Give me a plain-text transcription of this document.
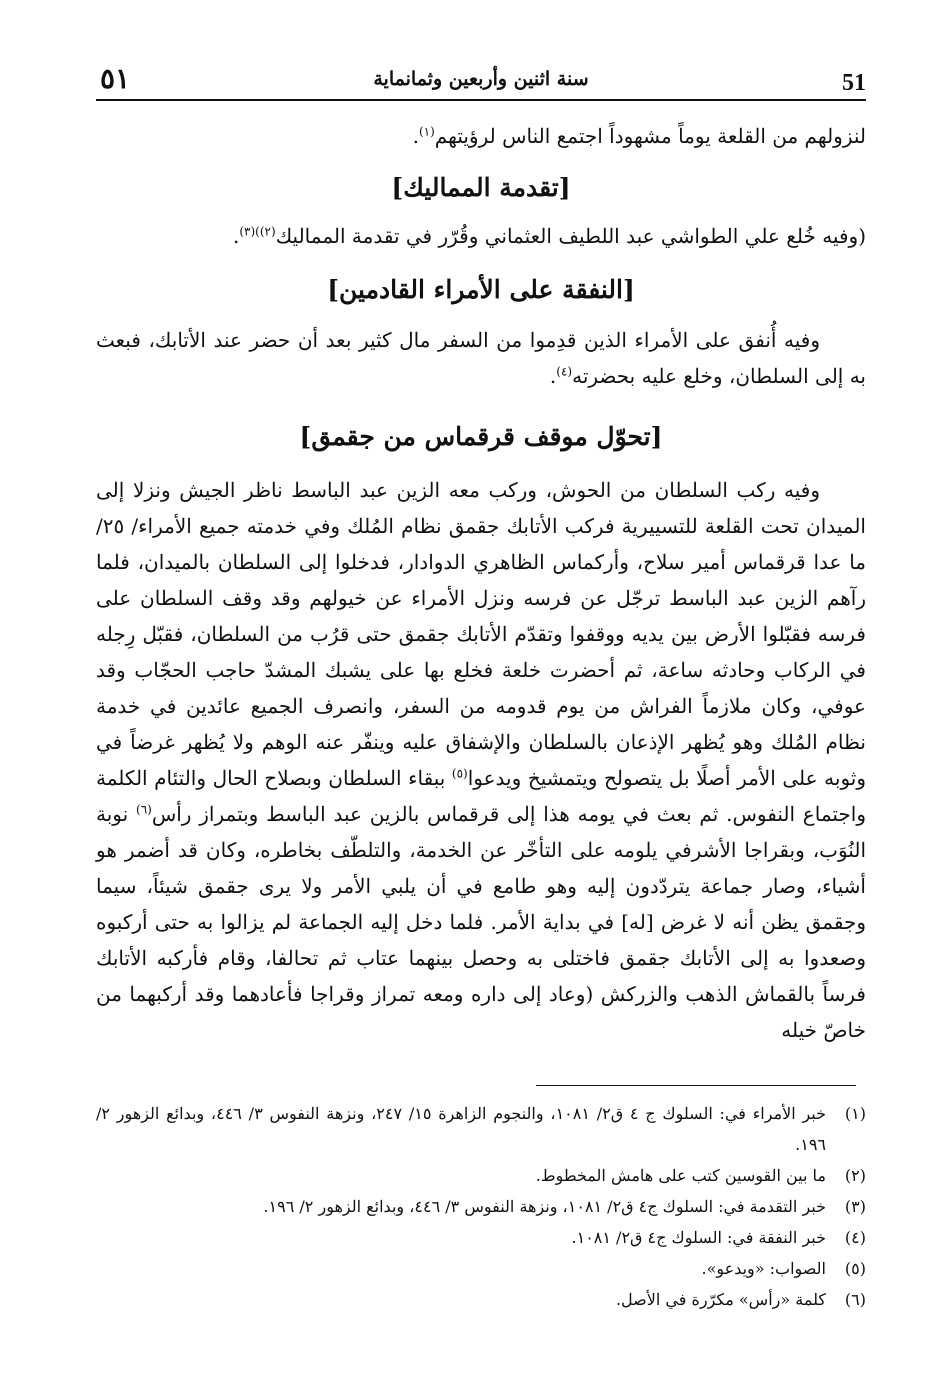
٥١	سنة اثنين وأربعين وثمانماية	51

لنزولهم من القلعة يوماً مشهوداً اجتمع الناس لرؤيتهم$^{(١)}$.

[تقدمة المماليك]

(وفيه خُلع علي الطواشي عبد اللطيف العثماني وقُرّر في تقدمة المماليك$^{(٢))(٣)}$.

[النفقة على الأمراء القادمين]

وفيه أُنفق على الأمراء الذين قدِموا من السفر مال كثير بعد أن حضر عند الأتابك، فبعث به إلى السلطان، وخلع عليه بحضرته$^{(٤)}$.

[تحوّل موقف قرقماس من جقمق]

وفيه ركب السلطان من الحوش، وركب معه الزين عبد الباسط ناظر الجيش ونزلا إلى الميدان تحت القلعة للتسييرية فركب الأتابك جقمق نظام المُلك وفي خدمته جميع الأمراء/ ٢٥/ ما عدا قرقماس أمير سلاح، وأركماس الظاهري الدوادار، فدخلوا إلى السلطان بالميدان، فلما رآهم الزين عبد الباسط ترجّل عن فرسه ونزل الأمراء عن خيولهم وقد وقف السلطان على فرسه فقبّلوا الأرض بين يديه ووقفوا وتقدّم الأتابك جقمق حتى قرُب من السلطان، فقبّل رِجله في الركاب وحادثه ساعة، ثم أحضرت خلعة فخلع بها على يشبك المشدّ حاجب الحجّاب وقد عوفي، وكان ملازماً الفراش من يوم قدومه من السفر، وانصرف الجميع عائدين في خدمة نظام المُلك وهو يُظهر الإذعان بالسلطان والإشفاق عليه وينفّر عنه الوهم ولا يُظهر غرضاً في وثوبه على الأمر أصلًا بل يتصولح ويتمشيخ ويدعوا$^{(٥)}$ ببقاء السلطان وبصلاح الحال والتئام الكلمة واجتماع النفوس. ثم بعث في يومه هذا إلى قرقماس بالزين عبد الباسط وبتمراز رأس$^{(٦)}$ نوبة النُوَب، وبقراجا الأشرفي يلومه على التأخّر عن الخدمة، والتلطّف بخاطره، وكان قد أضمر هو أشياء، وصار جماعة يتردّدون إليه وهو طامع في أن يلبي الأمر ولا يرى جقمق شيئاً، سيما وجقمق يظن أنه لا غرض [له] في بداية الأمر. فلما دخل إليه الجماعة لم يزالوا به حتى أركبوه وصعدوا به إلى الأتابك جقمق فاختلى به وحصل بينهما عتاب ثم تحالفا، وقام فأركبه الأتابك فرساً بالقماش الذهب والزركش (وعاد إلى داره ومعه تمراز وقراجا فأعادهما وقد أركبهما من خاصّ خيله

(١)
خبر الأمراء في: السلوك ج ٤ ق٢/ ١٠٨١، والنجوم الزاهرة ١٥/ ٢٤٧، ونزهة النفوس ٣/ ٤٤٦، وبدائع الزهور ٢/ ١٩٦.
(٢)
ما بين القوسين كتب على هامش المخطوط.
(٣)
خبر التقدمة في: السلوك ج٤ ق٢/ ١٠٨١، ونزهة النفوس ٣/ ٤٤٦، وبدائع الزهور ٢/ ١٩٦.
(٤)
خبر النفقة في: السلوك ج٤ ق٢/ ١٠٨١.
(٥)
الصواب: «ويدعو».
(٦)
كلمة «رأس» مكرّرة في الأصل.
